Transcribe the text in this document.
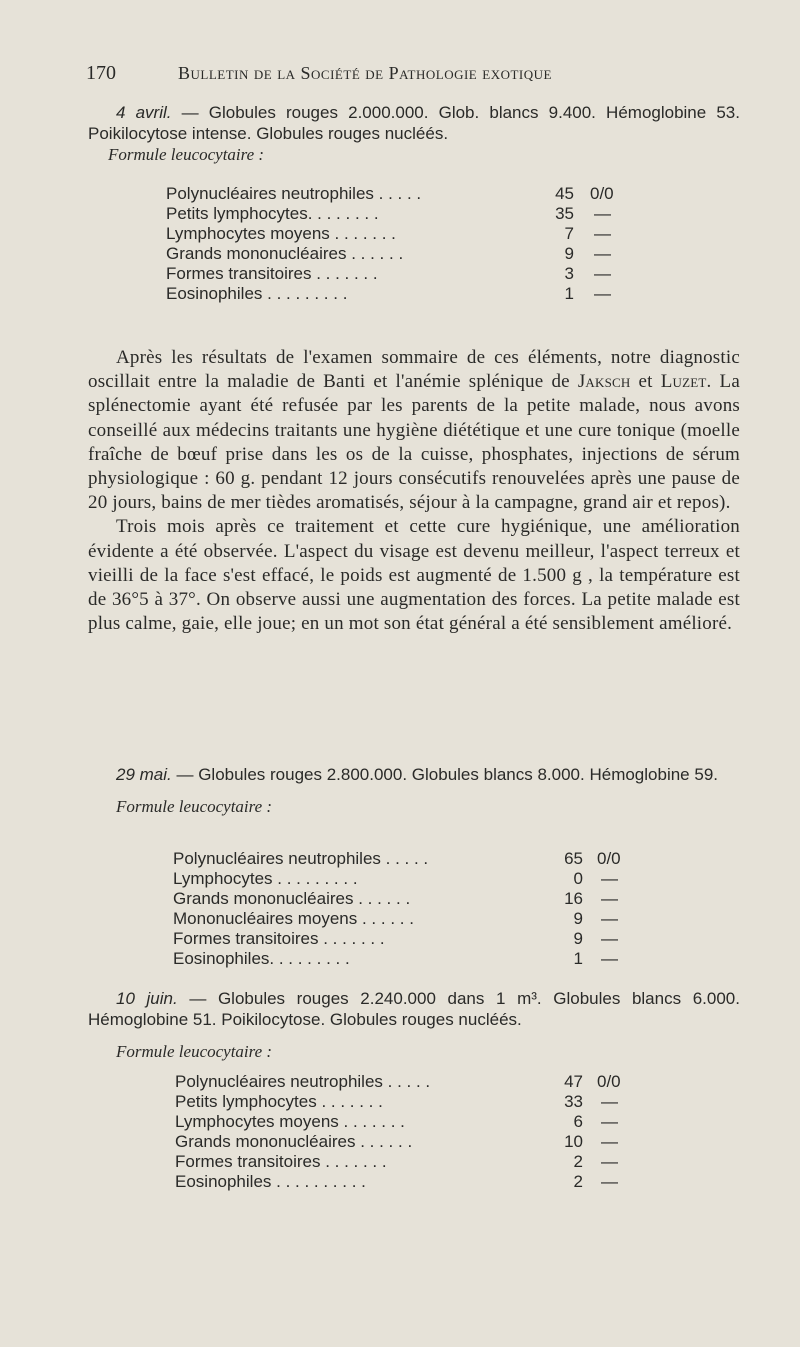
170	Bulletin de la Société de Pathologie exotique

4 avril. — Globules rouges 2.000.000. Glob. blancs 9.400. Hémoglobine 53. Poikilocytose intense. Globules rouges nucléés.

Formule leucocytaire :

Polynucléaires neutrophiles . . . . .	45 0/0
Petits lymphocytes. . . . . . . .	35 —
Lymphocytes moyens . . . . . . .	7 —
Grands mononucléaires . . . . . .	9 —
Formes transitoires . . . . . . .	3 —
Eosinophiles . . . . . . . . .	1 —

Après les résultats de l'examen sommaire de ces éléments, notre diagnostic oscillait entre la maladie de Banti et l'anémie splénique de Jaksch et Luzet. La splénectomie ayant été refusée par les parents de la petite malade, nous avons conseillé aux médecins traitants une hygiène diététique et une cure tonique (moelle fraîche de bœuf prise dans les os de la cuisse, phosphates, injections de sérum physiologique : 60 g. pendant 12 jours consécutifs renouvelées après une pause de 20 jours, bains de mer tièdes aromatisés, séjour à la campagne, grand air et repos).

Trois mois après ce traitement et cette cure hygiénique, une amélioration évidente a été observée. L'aspect du visage est devenu meilleur, l'aspect terreux et vieilli de la face s'est effacé, le poids est augmenté de 1.500 g , la température est de 36°5 à 37°. On observe aussi une augmentation des forces. La petite malade est plus calme, gaie, elle joue; en un mot son état général a été sensiblement amélioré.

29 mai. — Globules rouges 2.800.000. Globules blancs 8.000. Hémoglobine 59.

Formule leucocytaire :

Polynucléaires neutrophiles . . . . .	65 0/0
Lymphocytes . . . . . . . . .	0 —
Grands mononucléaires . . . . . .	16 —
Mononucléaires moyens . . . . . .	9 —
Formes transitoires . . . . . . .	9 —
Eosinophiles. . . . . . . . .	1 —

10 juin. — Globules rouges 2.240.000 dans 1 m³. Globules blancs 6.000. Hémoglobine 51. Poikilocytose. Globules rouges nucléés.

Formule leucocytaire :

Polynucléaires neutrophiles . . . . .	47 0/0
Petits lymphocytes . . . . . . .	33 —
Lymphocytes moyens . . . . . . .	6 —
Grands mononucléaires . . . . . .	10 —
Formes transitoires . . . . . . .	2 —
Eosinophiles . . . . . . . . . .	2 —
